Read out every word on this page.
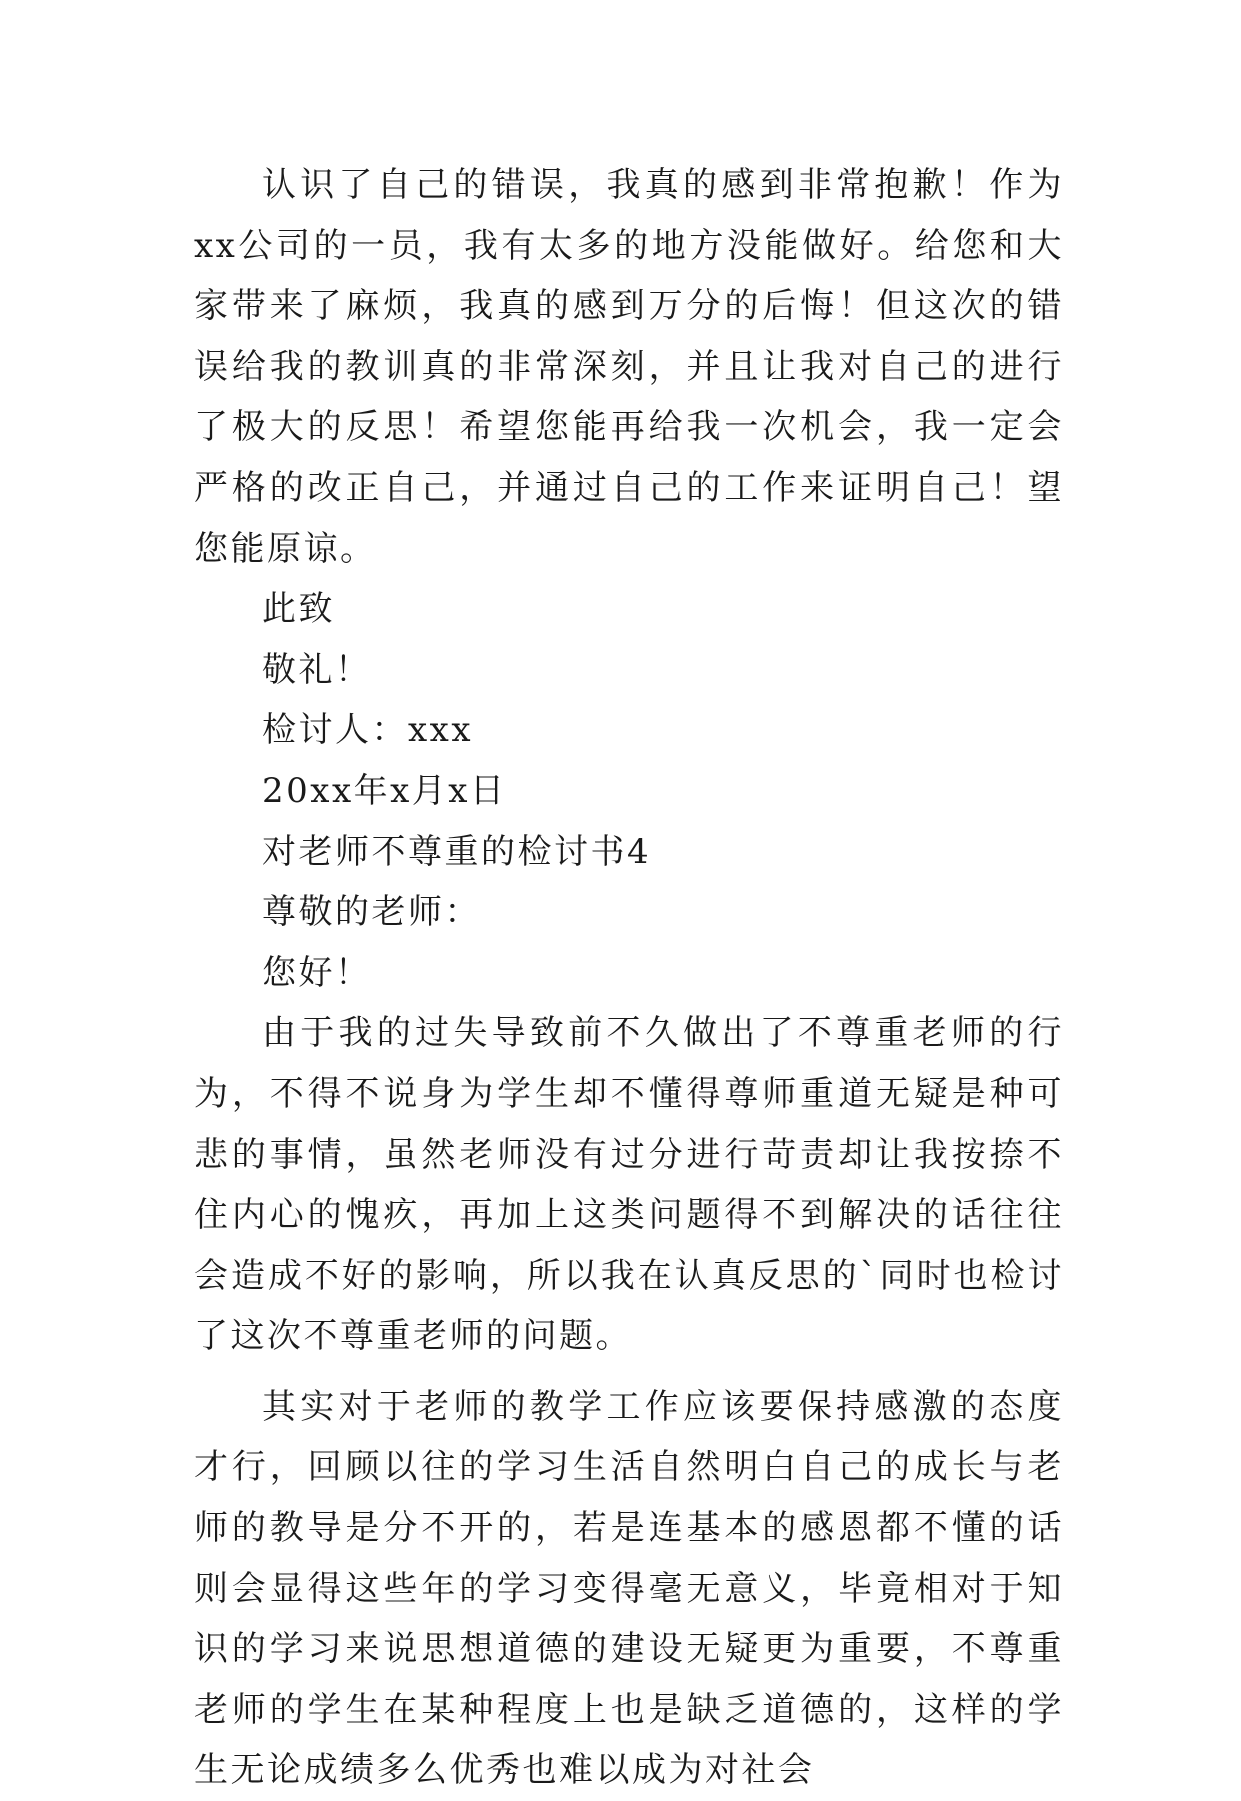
认识了自己的错误，我真的感到非常抱歉！作为xx公司的一员，我有太多的地方没能做好。给您和大家带来了麻烦，我真的感到万分的后悔！但这次的错误给我的教训真的非常深刻，并且让我对自己的进行了极大的反思！希望您能再给我一次机会，我一定会严格的改正自己，并通过自己的工作来证明自己！望您能原谅。

此致

敬礼！

检讨人：xxx

20xx年x月x日

对老师不尊重的检讨书4

尊敬的老师：

您好！

由于我的过失导致前不久做出了不尊重老师的行为，不得不说身为学生却不懂得尊师重道无疑是种可悲的事情，虽然老师没有过分进行苛责却让我按捺不住内心的愧疚，再加上这类问题得不到解决的话往往会造成不好的影响，所以我在认真反思的`同时也检讨了这次不尊重老师的问题。

其实对于老师的教学工作应该要保持感激的态度才行，回顾以往的学习生活自然明白自己的成长与老师的教导是分不开的，若是连基本的感恩都不懂的话则会显得这些年的学习变得毫无意义，毕竟相对于知识的学习来说思想道德的建设无疑更为重要，不尊重老师的学生在某种程度上也是缺乏道德的，这样的学生无论成绩多么优秀也难以成为对社会
